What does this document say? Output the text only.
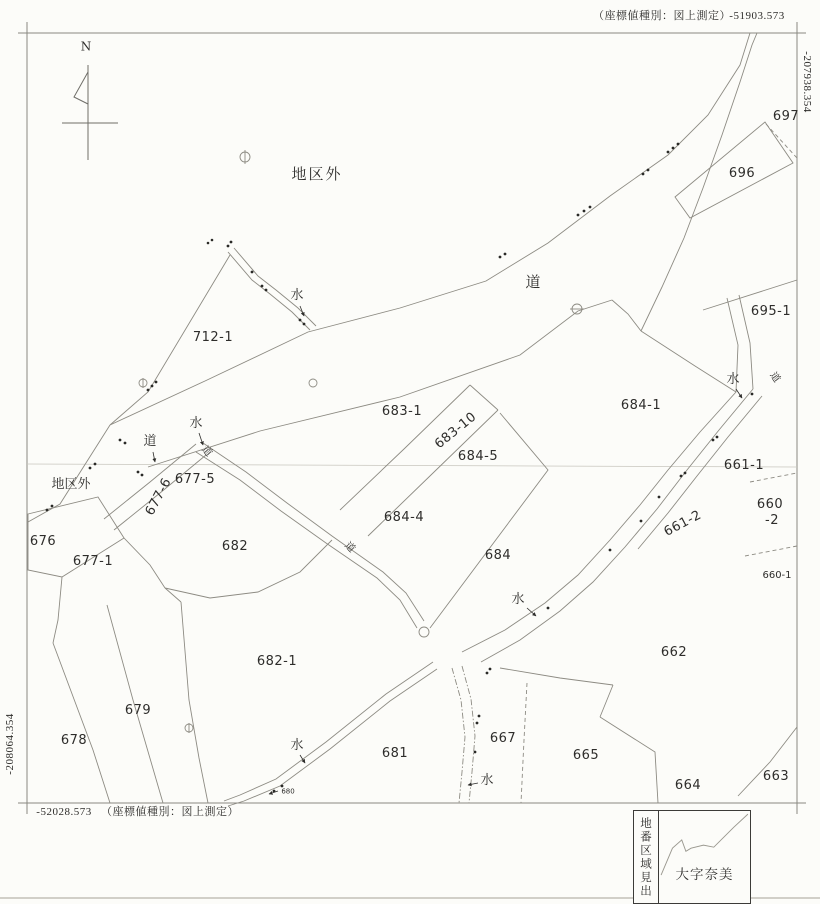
（座標値種別：図上測定）
-51903.573
-207938.354
-52028.573 （座標値種別：図上測定）
-208064.354
N
地区外
地区外
道
道
道
道
道
水
水
水
水
水
水
712-1
683-1 683-10
684-5
684-4
684
684-1
697
696
695-1
661-1
660
-2
661-2
660-1
662
663
664
665
667
681
682
682-1
679
678
676
677-1
677-5
677-6
680
地番区域見出 大字奈美
